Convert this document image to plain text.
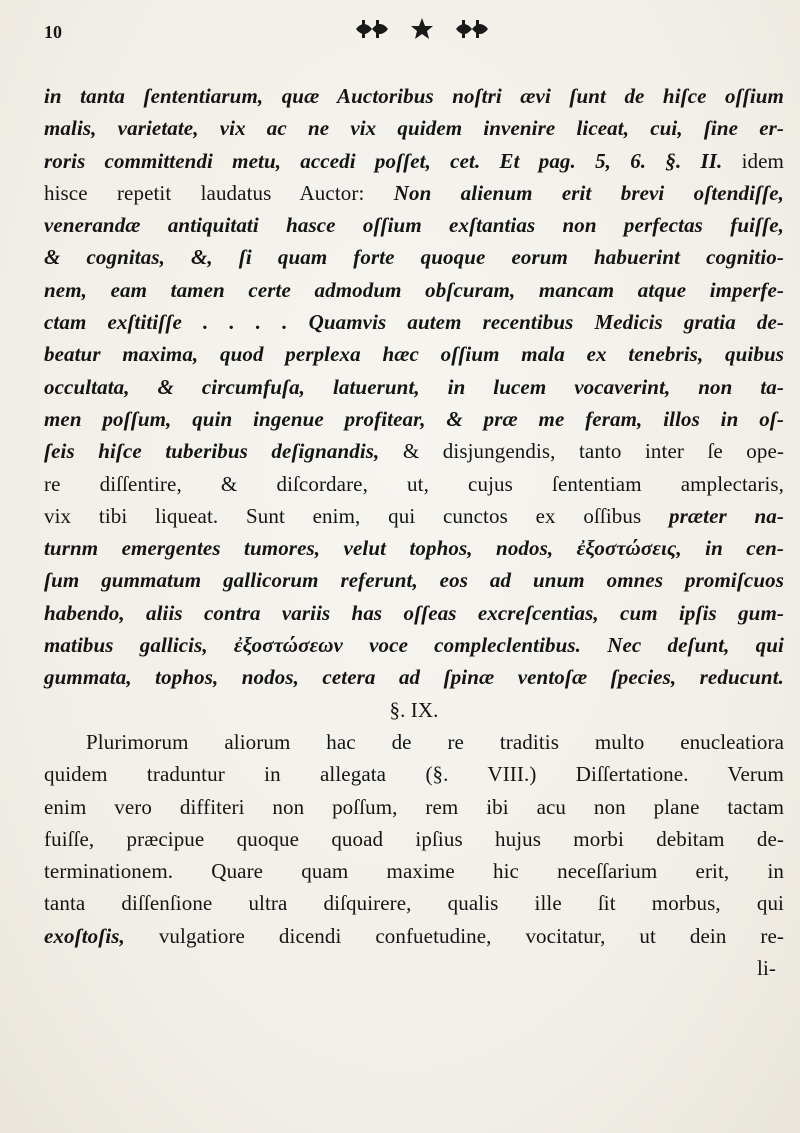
10
in tanta ſententiarum, quæ Auctoribus noſtri ævi ſunt de hiſce oſſium
malis, varietate, vix ac ne vix quidem invenire liceat, cui, ſine er-
roris committendi metu, accedi poſſet, cet. Et pag. 5, 6. §. II. idem
hisce repetit laudatus Auctor: Non alienum erit brevi oſtendiſſe,
venerandæ antiquitati hasce oſſium exſtantias non perfectas fuiſſe,
& cognitas, &, ſi quam forte quoque eorum habuerint cognitio-
nem, eam tamen certe admodum obſcuram, mancam atque imperfe-
ctam exſtitiſſe . . . . Quamvis autem recentibus Medicis gratia de-
beatur maxima, quod perplexa hæc oſſium mala ex tenebris, quibus
occultata, & circumfuſa, latuerunt, in lucem vocaverint, non ta-
men poſſum, quin ingenue profitear, & præ me feram, illos in oſ-
ſeis hiſce tuberibus deſignandis, & disjungendis, tanto inter ſe ope-
re diſſentire, & diſcordare, ut, cujus ſententiam amplectaris,
vix tibi liqueat. Sunt enim, qui cunctos ex oſſibus præter na-
turnm emergentes tumores, velut tophos, nodos, ἐξοστώσεις, in cen-
ſum gummatum gallicorum referunt, eos ad unum omnes promiſcuos
habendo, aliis contra variis has oſſeas excreſcentias, cum ipſis gum-
matibus gallicis, ἐξοστώσεων voce compleclentibus. Nec deſunt, qui
gummata, tophos, nodos, cetera ad ſpinæ ventoſæ ſpecies, reducunt.
§. IX.
Plurimorum aliorum hac de re traditis multo enucleatiora
quidem traduntur in allegata (§. VIII.) Diſſertatione. Verum
enim vero diffiteri non poſſum, rem ibi acu non plane tactam
fuiſſe, præcipue quoque quoad ipſius hujus morbi debitam de-
terminationem. Quare quam maxime hic neceſſarium erit, in
tanta diſſenſione ultra diſquirere, qualis ille ſit morbus, qui
exoſtoſis, vulgatiore dicendi confuetudine, vocitatur, ut dein re-
li-
